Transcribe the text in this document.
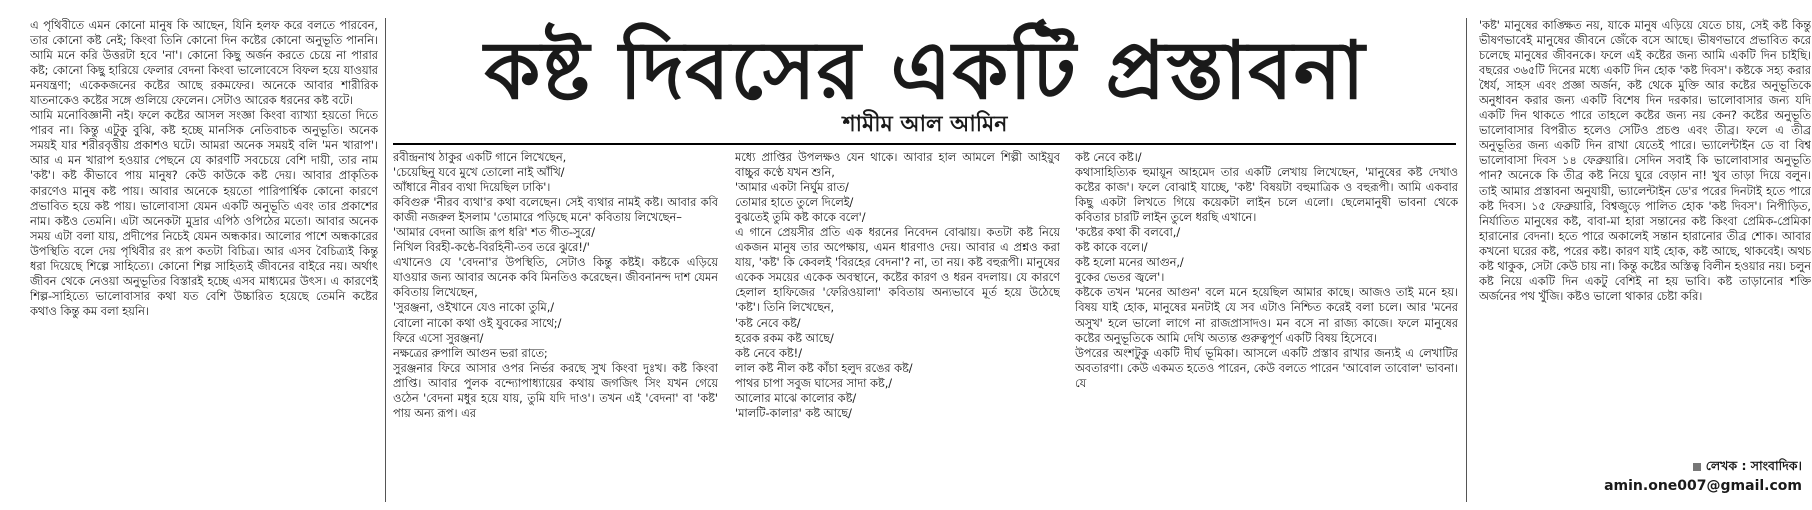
এ পৃথিবীতে এমন কোনো মানুষ কি আছেন, যিনি হলফ করে বলতে পারবেন, তার কোনো কষ্ট নেই; কিংবা তিনি কোনো দিন কষ্টের কোনো অনুভূতি পাননি। আমি মনে করি উত্তরটা হবে 'না'। কোনো কিছু অর্জন করতে চেয়ে না পারার কষ্ট; কোনো কিছু হারিয়ে ফেলার বেদনা কিংবা ভালোবেসে বিফল হয়ে যাওয়ার মনযন্ত্রণা; একেকজনের কষ্টের আছে রকমফের। অনেকে আবার শারীরিক যাতনাকেও কষ্টের সঙ্গে গুলিয়ে ফেলেন। সেটাও আরেক ধরনের কষ্ট বটে।

আমি মনোবিজ্ঞানী নই। ফলে কষ্টের আসল সংজ্ঞা কিংবা ব্যাখ্যা হয়তো দিতে পারব না। কিন্তু এটুকু বুঝি, কষ্ট হচ্ছে মানসিক নেতিবাচক অনুভূতি। অনেক সময়ই যার শরীরবৃত্তীয় প্রকাশও ঘটে। আমরা অনেক সময়ই বলি 'মন খারাপ'। আর এ মন খারাপ হওয়ার পেছনে যে কারণটি সবচেয়ে বেশি দায়ী, তার নাম 'কষ্ট'। কষ্ট কীভাবে পায় মানুষ? কেউ কাউকে কষ্ট দেয়। আবার প্রাকৃতিক কারণেও মানুষ কষ্ট পায়। আবার অনেকে হয়তো পারিপার্শ্বিক কোনো কারণে প্রভাবিত হয়ে কষ্ট পায়। ভালোবাসা যেমন একটি অনুভূতি এবং তার প্রকাশের নাম। কষ্টও তেমনি। এটা অনেকটা মুদ্রার এপিঠ ওপিঠের মতো। আবার অনেক সময় এটা বলা যায়, প্রদীপের নিচেই যেমন অন্ধকার। আলোর পাশে অন্ধকারের উপস্থিতি বলে দেয় পৃথিবীর রং রূপ কতটা বিচিত্র। আর এসব বৈচিত্র্যই কিন্তু ধরা দিয়েছে শিল্পে সাহিত্যে। কোনো শিল্প সাহিত্যই জীবনের বাইরে নয়। অর্থাৎ জীবন থেকে নেওয়া অনুভূতির বিস্তারই হচ্ছে এসব মাধ্যমের উৎস। এ কারণেই শিল্প-সাহিত্যে ভালোবাসার কথা যত বেশি উচ্চারিত হয়েছে তেমনি কষ্টের কথাও কিন্তু কম বলা হয়নি।

কষ্ট দিবসের একটি প্রস্তাবনা
শামীম আল আমিন

রবীন্দ্রনাথ ঠাকুর একটি গানে লিখেছেন,

'চেয়েছিনু যবে মুখে তোলো নাই আঁখি/

আঁধারে নীরব ব্যথা দিয়েছিল ঢাকি'।

কবিগুরু 'নীরব ব্যথা'র কথা বলেছেন। সেই ব্যথার নামই কষ্ট। আবার কবি কাজী নজরুল ইসলাম 'তোমারে পড়িছে মনে' কবিতায় লিখেছেন–

'আমার বেদনা আজি রূপ ধরি' শত গীত-সুরে/

নিখিল বিরহী-কণ্ঠে-বিরহিনী-তব তরে ঝুরে!/'

এখানেও যে 'বেদনা'র উপস্থিতি, সেটাও কিন্তু কষ্টই। কষ্টকে এড়িয়ে যাওয়ার জন্য আবার অনেক কবি মিনতিও করেছেন। জীবনানন্দ দাশ যেমন কবিতায় লিখেছেন,

'সুরঞ্জনা, ওইখানে যেও নাকো তুমি,/

বোলো নাকো কথা ওই যুবকের সাথে;/

ফিরে এসো সুরঞ্জনা/

নক্ষত্রের রুপালি আগুন ভরা রাতে;

সুরঞ্জনার ফিরে আসার ওপর নির্ভর করছে সুখ কিংবা দুঃখ। কষ্ট কিংবা প্রাপ্তি। আবার পুলক বন্দ্যোপাধ্যায়ের কথায় জগজিৎ সিং যখন গেয়ে ওঠেন 'বেদনা মধুর হয়ে যায়, তুমি যদি দাও'। তখন এই 'বেদনা' বা 'কষ্ট' পায় অন্য রূপ। এর

মধ্যে প্রাপ্তির উপলক্ষও যেন থাকে। আবার হাল আমলে শিল্পী আইয়ুব বাচ্চুর কণ্ঠে যখন শুনি,

'আমার একটা নির্ঘুম রাত/

তোমার হাতে তুলে দিলেই/

বুঝতেই তুমি কষ্ট কাকে বলে'/

এ গানে প্রেয়সীর প্রতি এক ধরনের নিবেদন বোঝায়। কতটা কষ্ট নিয়ে একজন মানুষ তার অপেক্ষায়, এমন ধারণাও দেয়। আবার এ প্রশ্নও করা যায়, 'কষ্ট' কি কেবলই 'বিরহের বেদনা'? না, তা নয়। কষ্ট বহুরূপী। মানুষের একেক সময়ের একেক অবস্থানে, কষ্টের কারণ ও ধরন বদলায়। যে কারণে হেলাল হাফিজের 'ফেরিওয়ালা' কবিতায় অন্যভাবে মূর্ত হয়ে উঠেছে 'কষ্ট'। তিনি লিখেছেন,

'কষ্ট নেবে কষ্ট/

হরেক রকম কষ্ট আছে/

কষ্ট নেবে কষ্ট!/

লাল কষ্ট নীল কষ্ট কাঁচা হলুদ রঙের কষ্ট/

পাথর চাপা সবুজ ঘাসের সাদা কষ্ট,/

আলোর মাঝে কালোর কষ্ট/

'মালটি-কালার' কষ্ট আছে/

কষ্ট নেবে কষ্ট।/

কথাসাহিত্যিক হুমায়ূন আহমেদ তার একটি লেখায় লিখেছেন, 'মানুষের কষ্ট দেখাও কষ্টের কাজ'। ফলে বোঝাই যাচ্ছে, 'কষ্ট' বিষয়টা বহুমাত্রিক ও বহুরূপী। আমি একবার কিছু একটা লিখতে গিয়ে কয়েকটা লাইন চলে এলো। ছেলেমানুষী ভাবনা থেকে কবিতার চারটি লাইন তুলে ধরছি এখানে।

'কষ্টের কথা কী বলবো,/

কষ্ট কাকে বলে।/

কষ্ট হলো মনের আগুন,/

বুকের ভেতর জ্বলে'।

কষ্টকে তখন 'মনের আগুন' বলে মনে হয়েছিল আমার কাছে। আজও তাই মনে হয়। বিষয় যাই হোক, মানুষের মনটাই যে সব এটাও নিশ্চিত করেই বলা চলে। আর 'মনের অসুখ' হলে ভালো লাগে না রাজপ্রাসাদও। মন বসে না রাজ্য কাজে। ফলে মানুষের কষ্টের অনুভূতিকে আমি দেখি অত্যন্ত গুরুত্বপূর্ণ একটি বিষয় হিসেবে।

উপরের অংশটুকু একটি দীর্ঘ ভূমিকা। আসলে একটি প্রস্তাব রাখার জন্যই এ লেখাটির অবতারণা। কেউ একমত হতেও পারেন, কেউ বলতে পারেন 'আবোল তাবোল' ভাবনা। যে

'কষ্ট' মানুষের কাঙ্ক্ষিত নয়, যাকে মানুষ এড়িয়ে যেতে চায়, সেই কষ্ট কিন্তু ভীষণভাবেই মানুষের জীবনে জেঁকে বসে আছে। ভীষণভাবে প্রভাবিত করে চলেছে মানুষের জীবনকে। ফলে এই কষ্টের জন্য আমি একটি দিন চাইছি। বছরের ৩৬৫টি দিনের মধ্যে একটি দিন হোক 'কষ্ট দিবস'। কষ্টকে সহ্য করার ধৈর্য, সাহস এবং প্রজ্ঞা অর্জন, কষ্ট থেকে মুক্তি আর কষ্টের অনুভূতিকে অনুধাবন করার জন্য একটি বিশেষ দিন দরকার। ভালোবাসার জন্য যদি একটি দিন থাকতে পারে তাহলে কষ্টের জন্য নয় কেন? কষ্টের অনুভূতি ভালোবাসার বিপরীত হলেও সেটিও প্রচণ্ড এবং তীব্র। ফলে এ তীব্র অনুভূতির জন্য একটি দিন রাখা যেতেই পারে। ভ্যালেন্টাইন ডে বা বিশ্ব ভালোবাসা দিবস ১৪ ফেব্রুয়ারি। সেদিন সবাই কি ভালোবাসার অনুভূতি পান? অনেকে কি তীব্র কষ্ট নিয়ে ঘুরে বেড়ান না! খুব তাড়া দিয়ে বলুন। তাই আমার প্রস্তাবনা অনুযায়ী, ভ্যালেন্টাইন ডে'র পরের দিনটাই হতে পারে কষ্ট দিবস। ১৫ ফেব্রুয়ারি, বিশ্বজুড়ে পালিত হোক 'কষ্ট দিবস'। নিপীড়িত, নির্যাতিত মানুষের কষ্ট, বাবা-মা হারা সন্তানের কষ্ট কিংবা প্রেমিক-প্রেমিকা হারানোর বেদনা। হতে পারে অকালেই সন্তান হারানোর তীব্র শোক। আবার কখনো ঘরের কষ্ট, পরের কষ্ট। কারণ যাই হোক, কষ্ট আছে, থাকবেই। অথচ কষ্ট থাকুক, সেটা কেউ চায় না। কিন্তু কষ্টের অস্তিত্ব বিলীন হওয়ার নয়। চলুন কষ্ট নিয়ে একটি দিন একটু বেশিই না হয় ভাবি। কষ্ট তাড়ানোর শক্তি অর্জনের পথ খুঁজি। কষ্টও ভালো থাকার চেষ্টা করি।

লেখক : সাংবাদিক।
amin.one007@gmail.com
